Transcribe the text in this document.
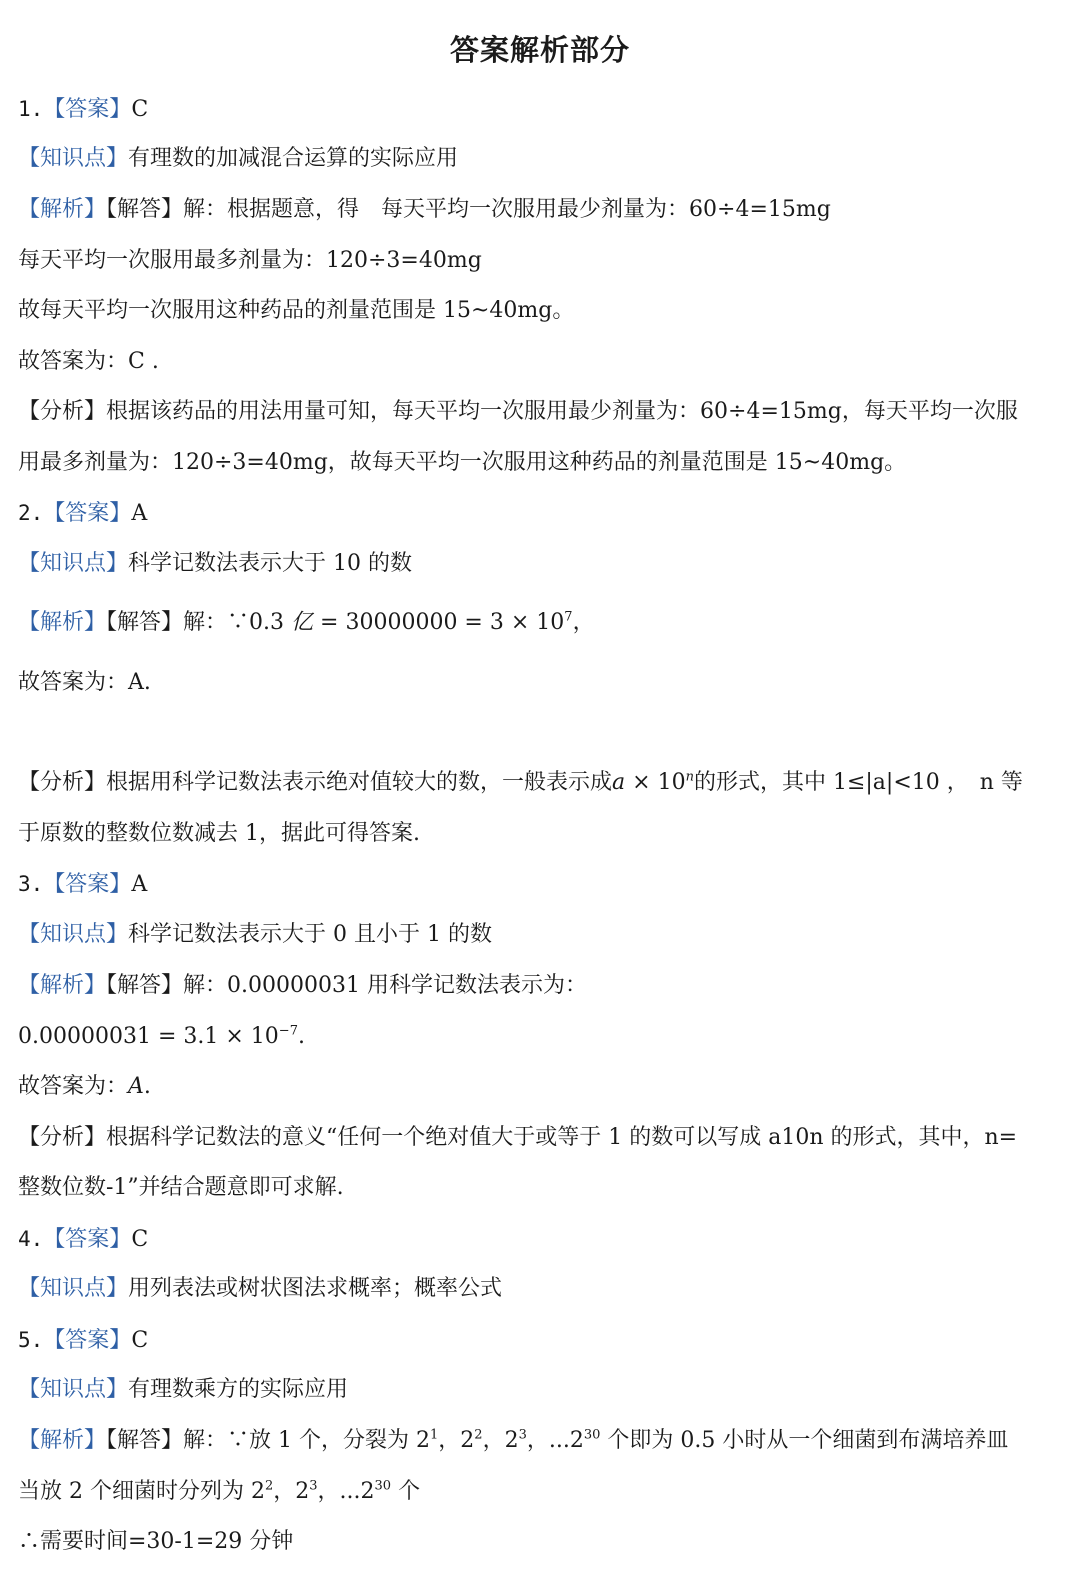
答案解析部分
1.【答案】C
【知识点】有理数的加减混合运算的实际应用
【解析】【解答】解：根据题意，得　每天平均一次服用最少剂量为：60÷4=15mg
每天平均一次服用最多剂量为：120÷3=40mg
故每天平均一次服用这种药品的剂量范围是 15~40mg。
故答案为：C .
【分析】根据该药品的用法用量可知，每天平均一次服用最少剂量为：60÷4=15mg，每天平均一次服
用最多剂量为：120÷3=40mg，故每天平均一次服用这种药品的剂量范围是 15~40mg。
2.【答案】A
【知识点】科学记数法表示大于 10 的数
【解析】【解答】解：∵0.3 亿 = $30000000 = 3 \times 10^7$，
故答案为：A.
【分析】根据用科学记数法表示绝对值较大的数，一般表示成$a \times 10^n$的形式，其中 1≤|a|<10 ，　n 等
于原数的整数位数减去 1，据此可得答案.
3.【答案】A
【知识点】科学记数法表示大于 0 且小于 1 的数
【解析】【解答】解：0.00000031 用科学记数法表示为：
$0.00000031 = 3.1 \times 10^{-7}$.
故答案为：A.
【分析】根据科学记数法的意义“任何一个绝对值大于或等于 1 的数可以写成 a10n 的形式，其中，n=
整数位数-1”并结合题意即可求解.
4.【答案】C
【知识点】用列表法或树状图法求概率；概率公式
5.【答案】C
【知识点】有理数乘方的实际应用
【解析】【解答】解：∵放 1 个，分裂为 $2^1$，$2^2$，$2^3$，...2$^{30}$ 个即为 0.5 小时从一个细菌到布满培养皿
当放 2 个细菌时分列为 $2^2$，$2^3$，...2$^{30}$ 个
∴需要时间=30-1=29 分钟
